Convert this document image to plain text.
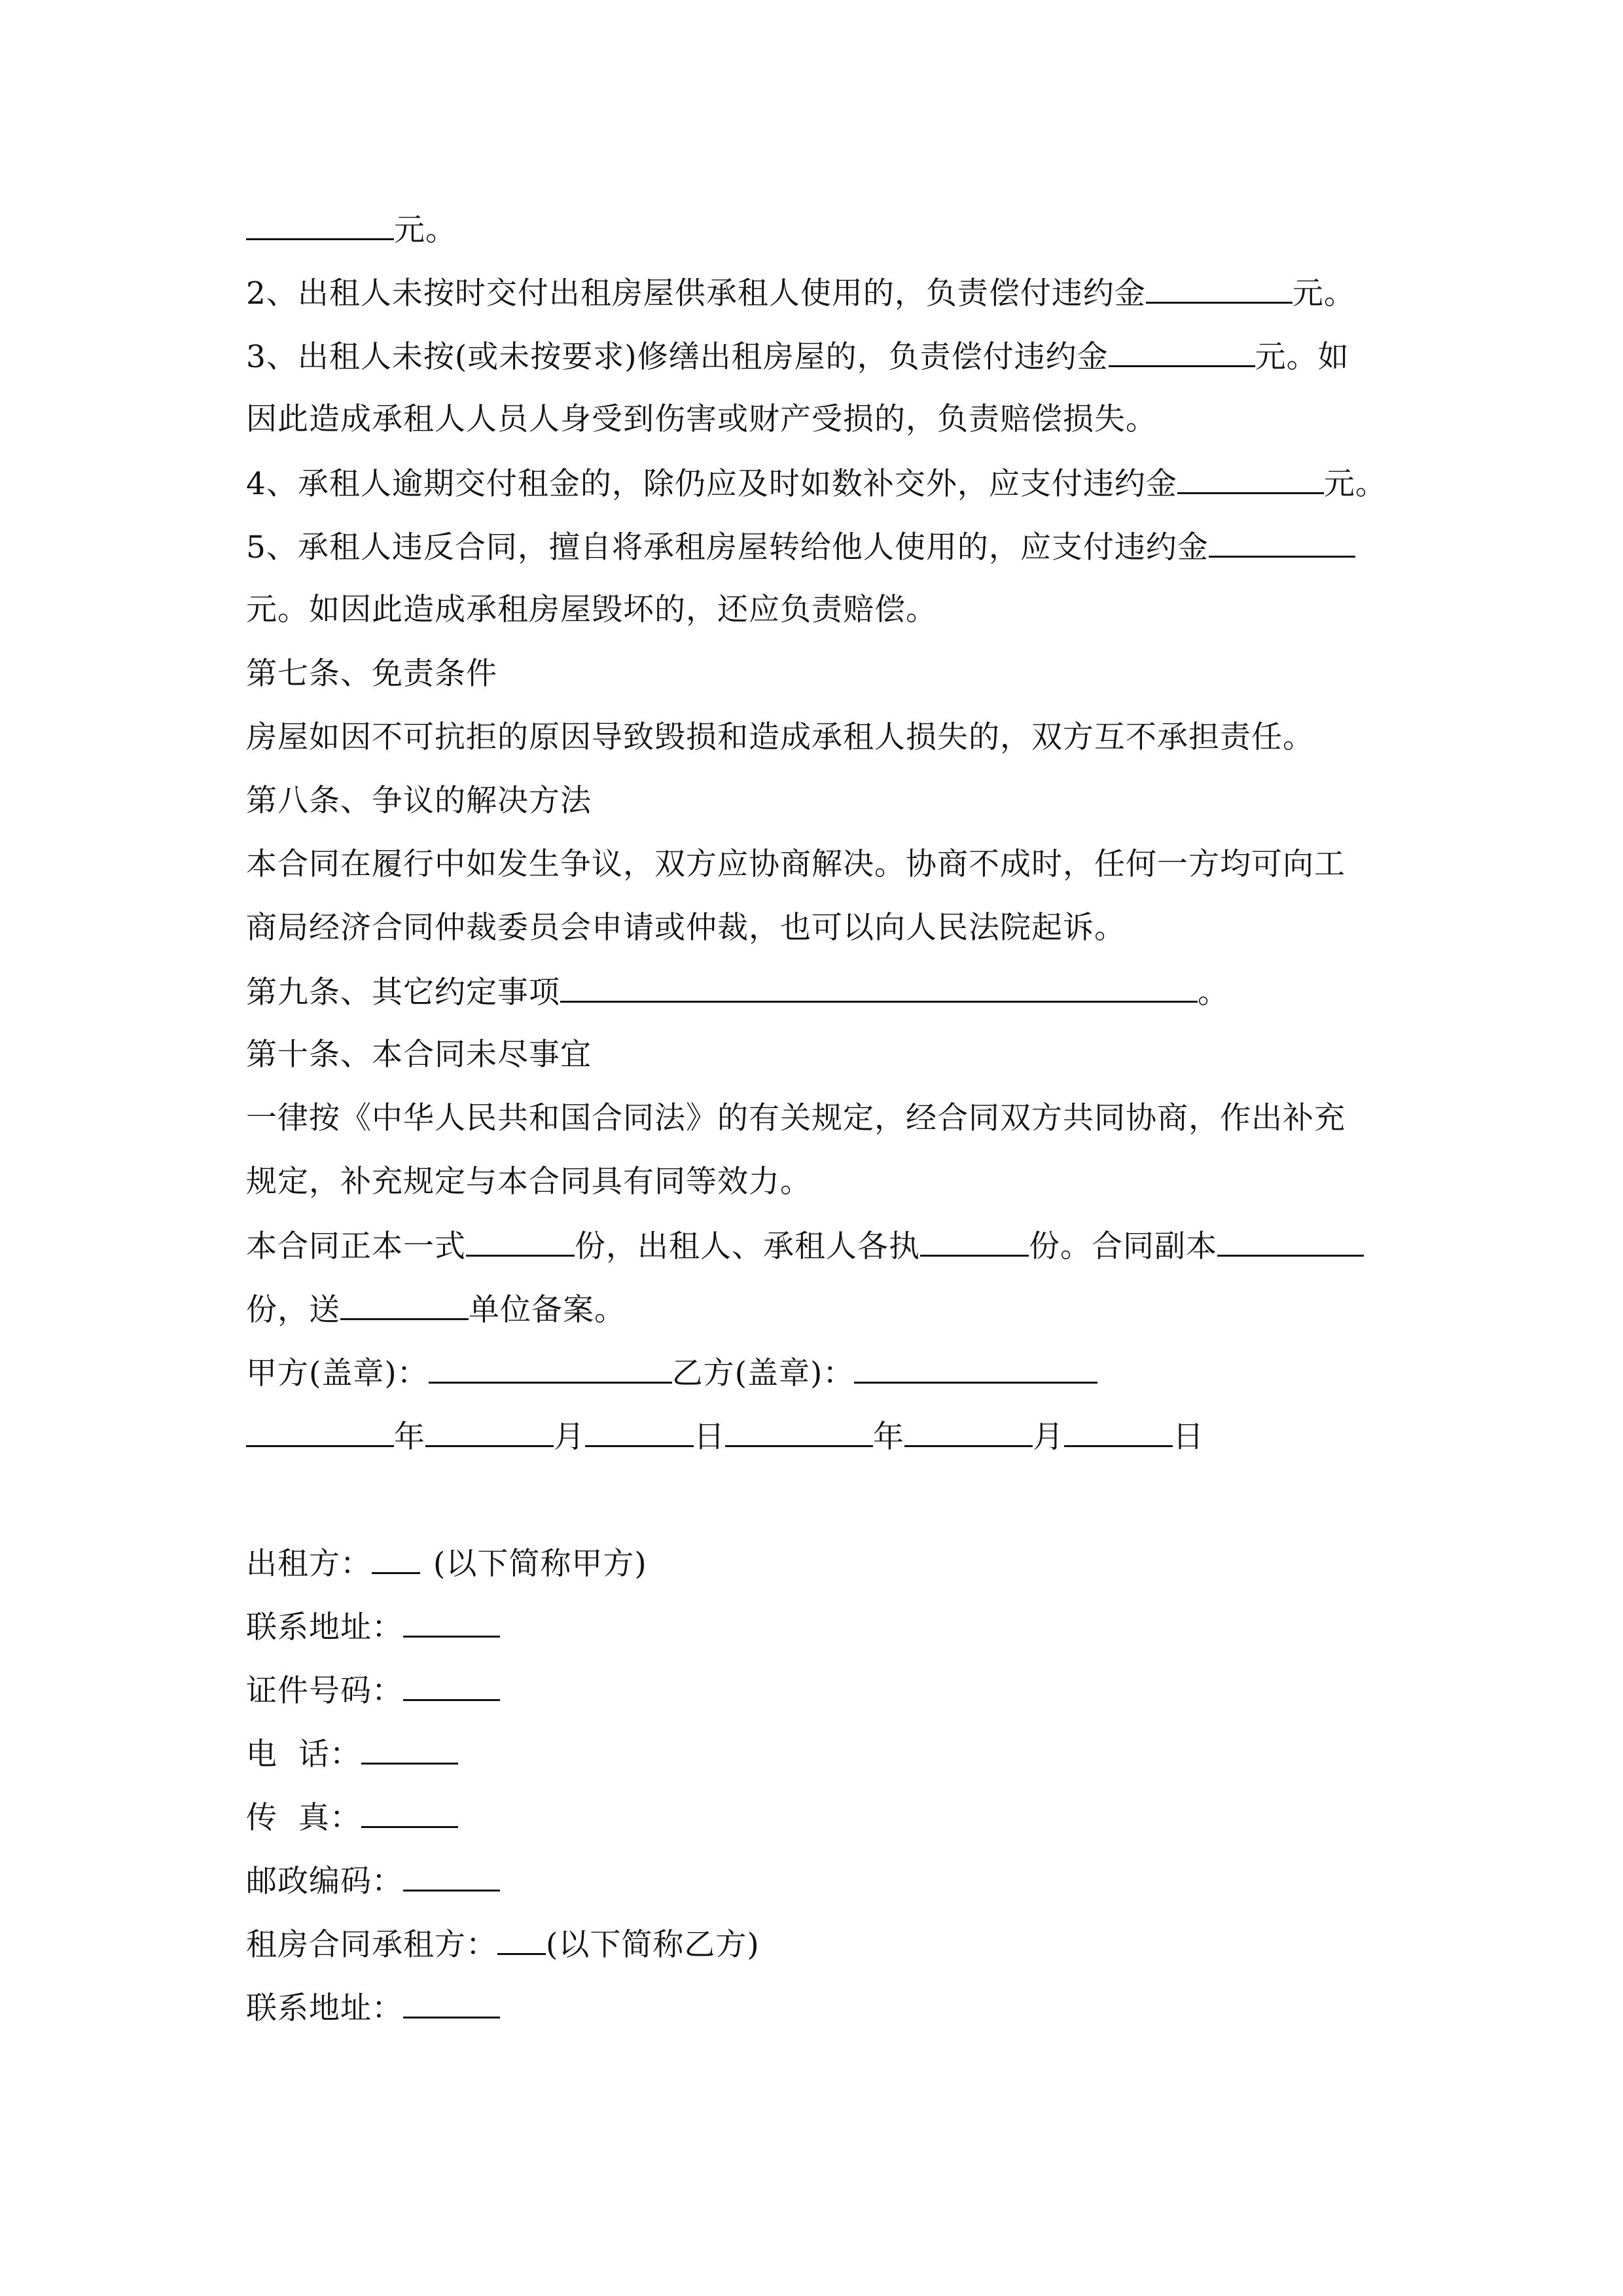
元。
2、出租人未按时交付出租房屋供承租人使用的，负责偿付违约金	元。
3、出租人未按(或未按要求)修缮出租房屋的，负责偿付违约金	元。如
因此造成承租人人员人身受到伤害或财产受损的，负责赔偿损失。
4、承租人逾期交付租金的，除仍应及时如数补交外，应支付违约金	元。
5、承租人违反合同，擅自将承租房屋转给他人使用的，应支付违约金
元。如因此造成承租房屋毁坏的，还应负责赔偿。
第七条、免责条件
房屋如因不可抗拒的原因导致毁损和造成承租人损失的，双方互不承担责任。
第八条、争议的解决方法
本合同在履行中如发生争议，双方应协商解决。协商不成时，任何一方均可向工
商局经济合同仲裁委员会申请或仲裁，也可以向人民法院起诉。
第九条、其它约定事项	。
第十条、本合同未尽事宜
一律按《中华人民共和国合同法》的有关规定，经合同双方共同协商，作出补充
规定，补充规定与本合同具有同等效力。
本合同正本一式	份，出租人、承租人各执	份。合同副本
份，送	单位备案。
甲方(盖章)：	乙方(盖章)：
年	月	日	年	月	日
出租方： (以下简称甲方)
联系地址：
证件号码：
电  话：
传  真：
邮政编码：
租房合同承租方： (以下简称乙方)
联系地址：
